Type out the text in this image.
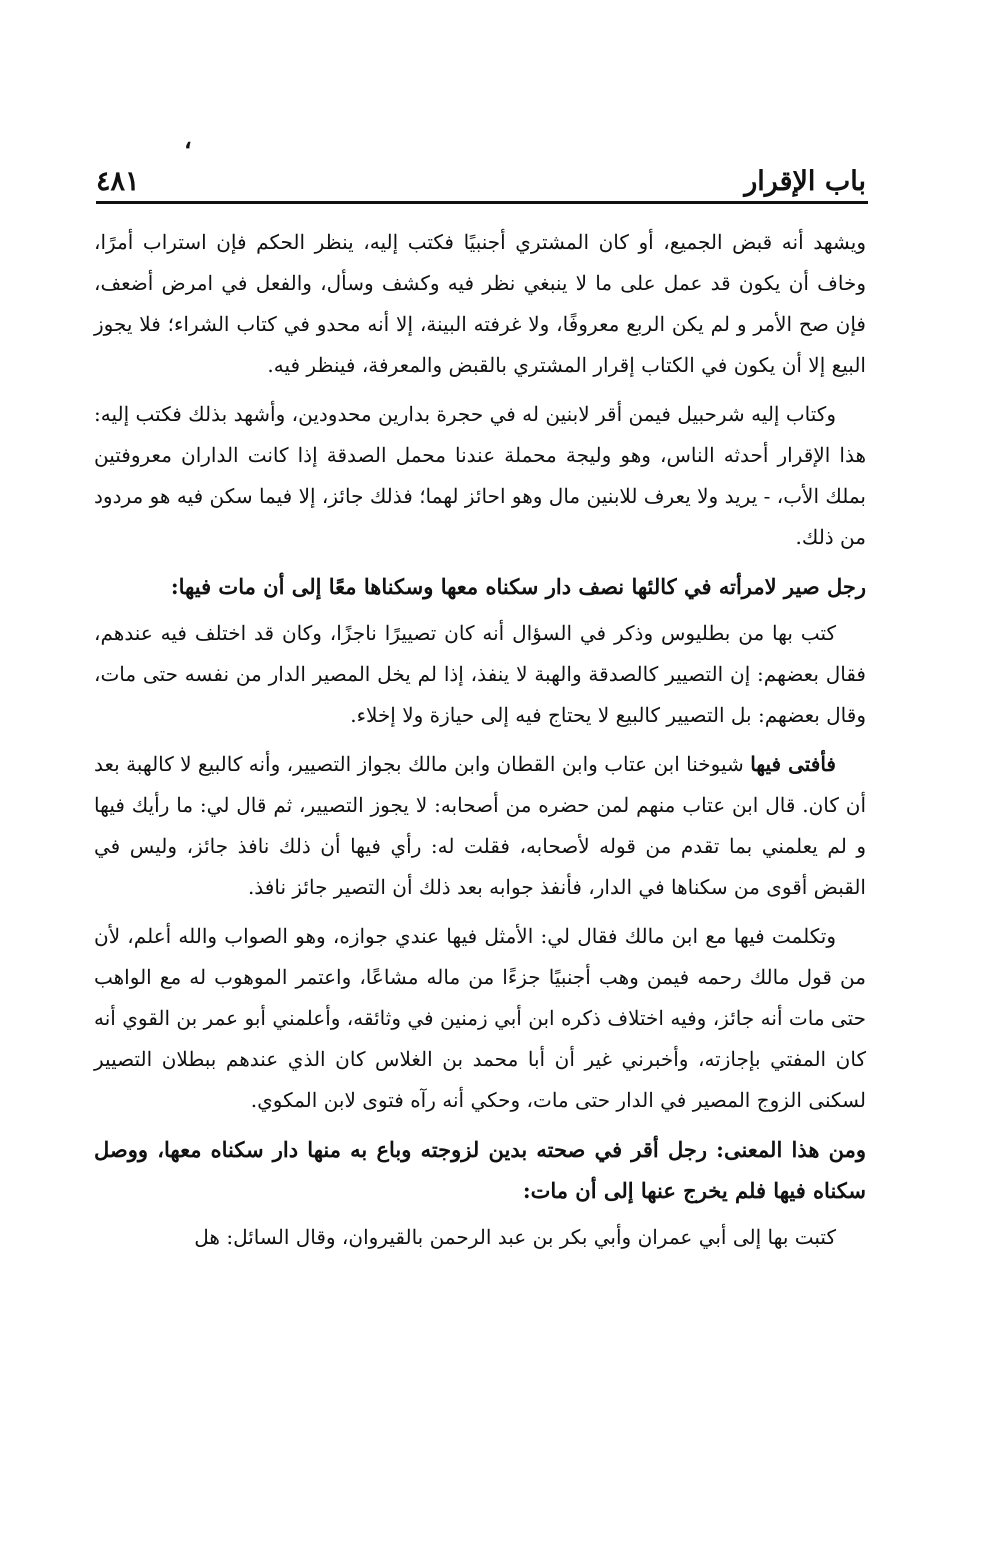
،
باب الإقرار
٤٨١

ويشهد أنه قبض الجميع، أو كان المشتري أجنبيًا فكتب إليه، ينظر الحكم فإن استراب أمرًا، وخاف أن يكون قد عمل على ما لا ينبغي نظر فيه وكشف وسأل، والفعل في امرض أضعف، فإن صح الأمر و لم يكن الربع معروفًا، ولا غرفته البينة، إلا أنه محدو في كتاب الشراء؛ فلا يجوز البيع إلا أن يكون في الكتاب إقرار المشتري بالقبض والمعرفة، فينظر فيه.

وكتاب إليه شرحبيل فيمن أقر لابنين له في حجرة بدارين محدودين، وأشهد بذلك فكتب إليه: هذا الإقرار أحدثه الناس، وهو وليجة محملة عندنا محمل الصدقة إذا كانت الداران معروفتين بملك الأب، - يريد ولا يعرف للابنين مال وهو احائز لهما؛ فذلك جائز، إلا فيما سكن فيه هو مردود من ذلك.

رجل صير لامرأته في كالئها نصف دار سكناه معها وسكناها معًا إلى أن مات فيها:

كتب بها من بطليوس وذكر في السؤال أنه كان تصييرًا ناجزًا، وكان قد اختلف فيه عندهم، فقال بعضهم: إن التصيير كالصدقة والهبة لا ينفذ، إذا لم يخل المصير الدار من نفسه حتى مات، وقال بعضهم: بل التصيير كالبيع لا يحتاج فيه إلى حيازة ولا إخلاء.

فأفتى فيها شيوخنا ابن عتاب وابن القطان وابن مالك بجواز التصيير، وأنه كالبيع لا كالهبة بعد أن كان. قال ابن عتاب منهم لمن حضره من أصحابه: لا يجوز التصيير، ثم قال لي: ما رأيك فيها و لم يعلمني بما تقدم من قوله لأصحابه، فقلت له: رأي فيها أن ذلك نافذ جائز، وليس في القبض أقوى من سكناها في الدار، فأنفذ جوابه بعد ذلك أن التصير جائز نافذ.

وتكلمت فيها مع ابن مالك فقال لي: الأمثل فيها عندي جوازه، وهو الصواب والله أعلم، لأن من قول مالك رحمه فيمن وهب أجنبيًا جزءًا من ماله مشاعًا، واعتمر الموهوب له مع الواهب حتى مات أنه جائز، وفيه اختلاف ذكره ابن أبي زمنين في وثائقه، وأعلمني أبو عمر بن القوي أنه كان المفتي بإجازته، وأخبرني غير أن أبا محمد بن الغلاس كان الذي عندهم ببطلان التصيير لسكنى الزوج المصير في الدار حتى مات، وحكي أنه رآه فتوى لابن المكوي.

ومن هذا المعنى: رجل أقر في صحته بدين لزوجته وباع به منها دار سكناه معها، ووصل سكناه فيها فلم يخرج عنها إلى أن مات:

كتبت بها إلى أبي عمران وأبي بكر بن عبد الرحمن بالقيروان، وقال السائل: هل
